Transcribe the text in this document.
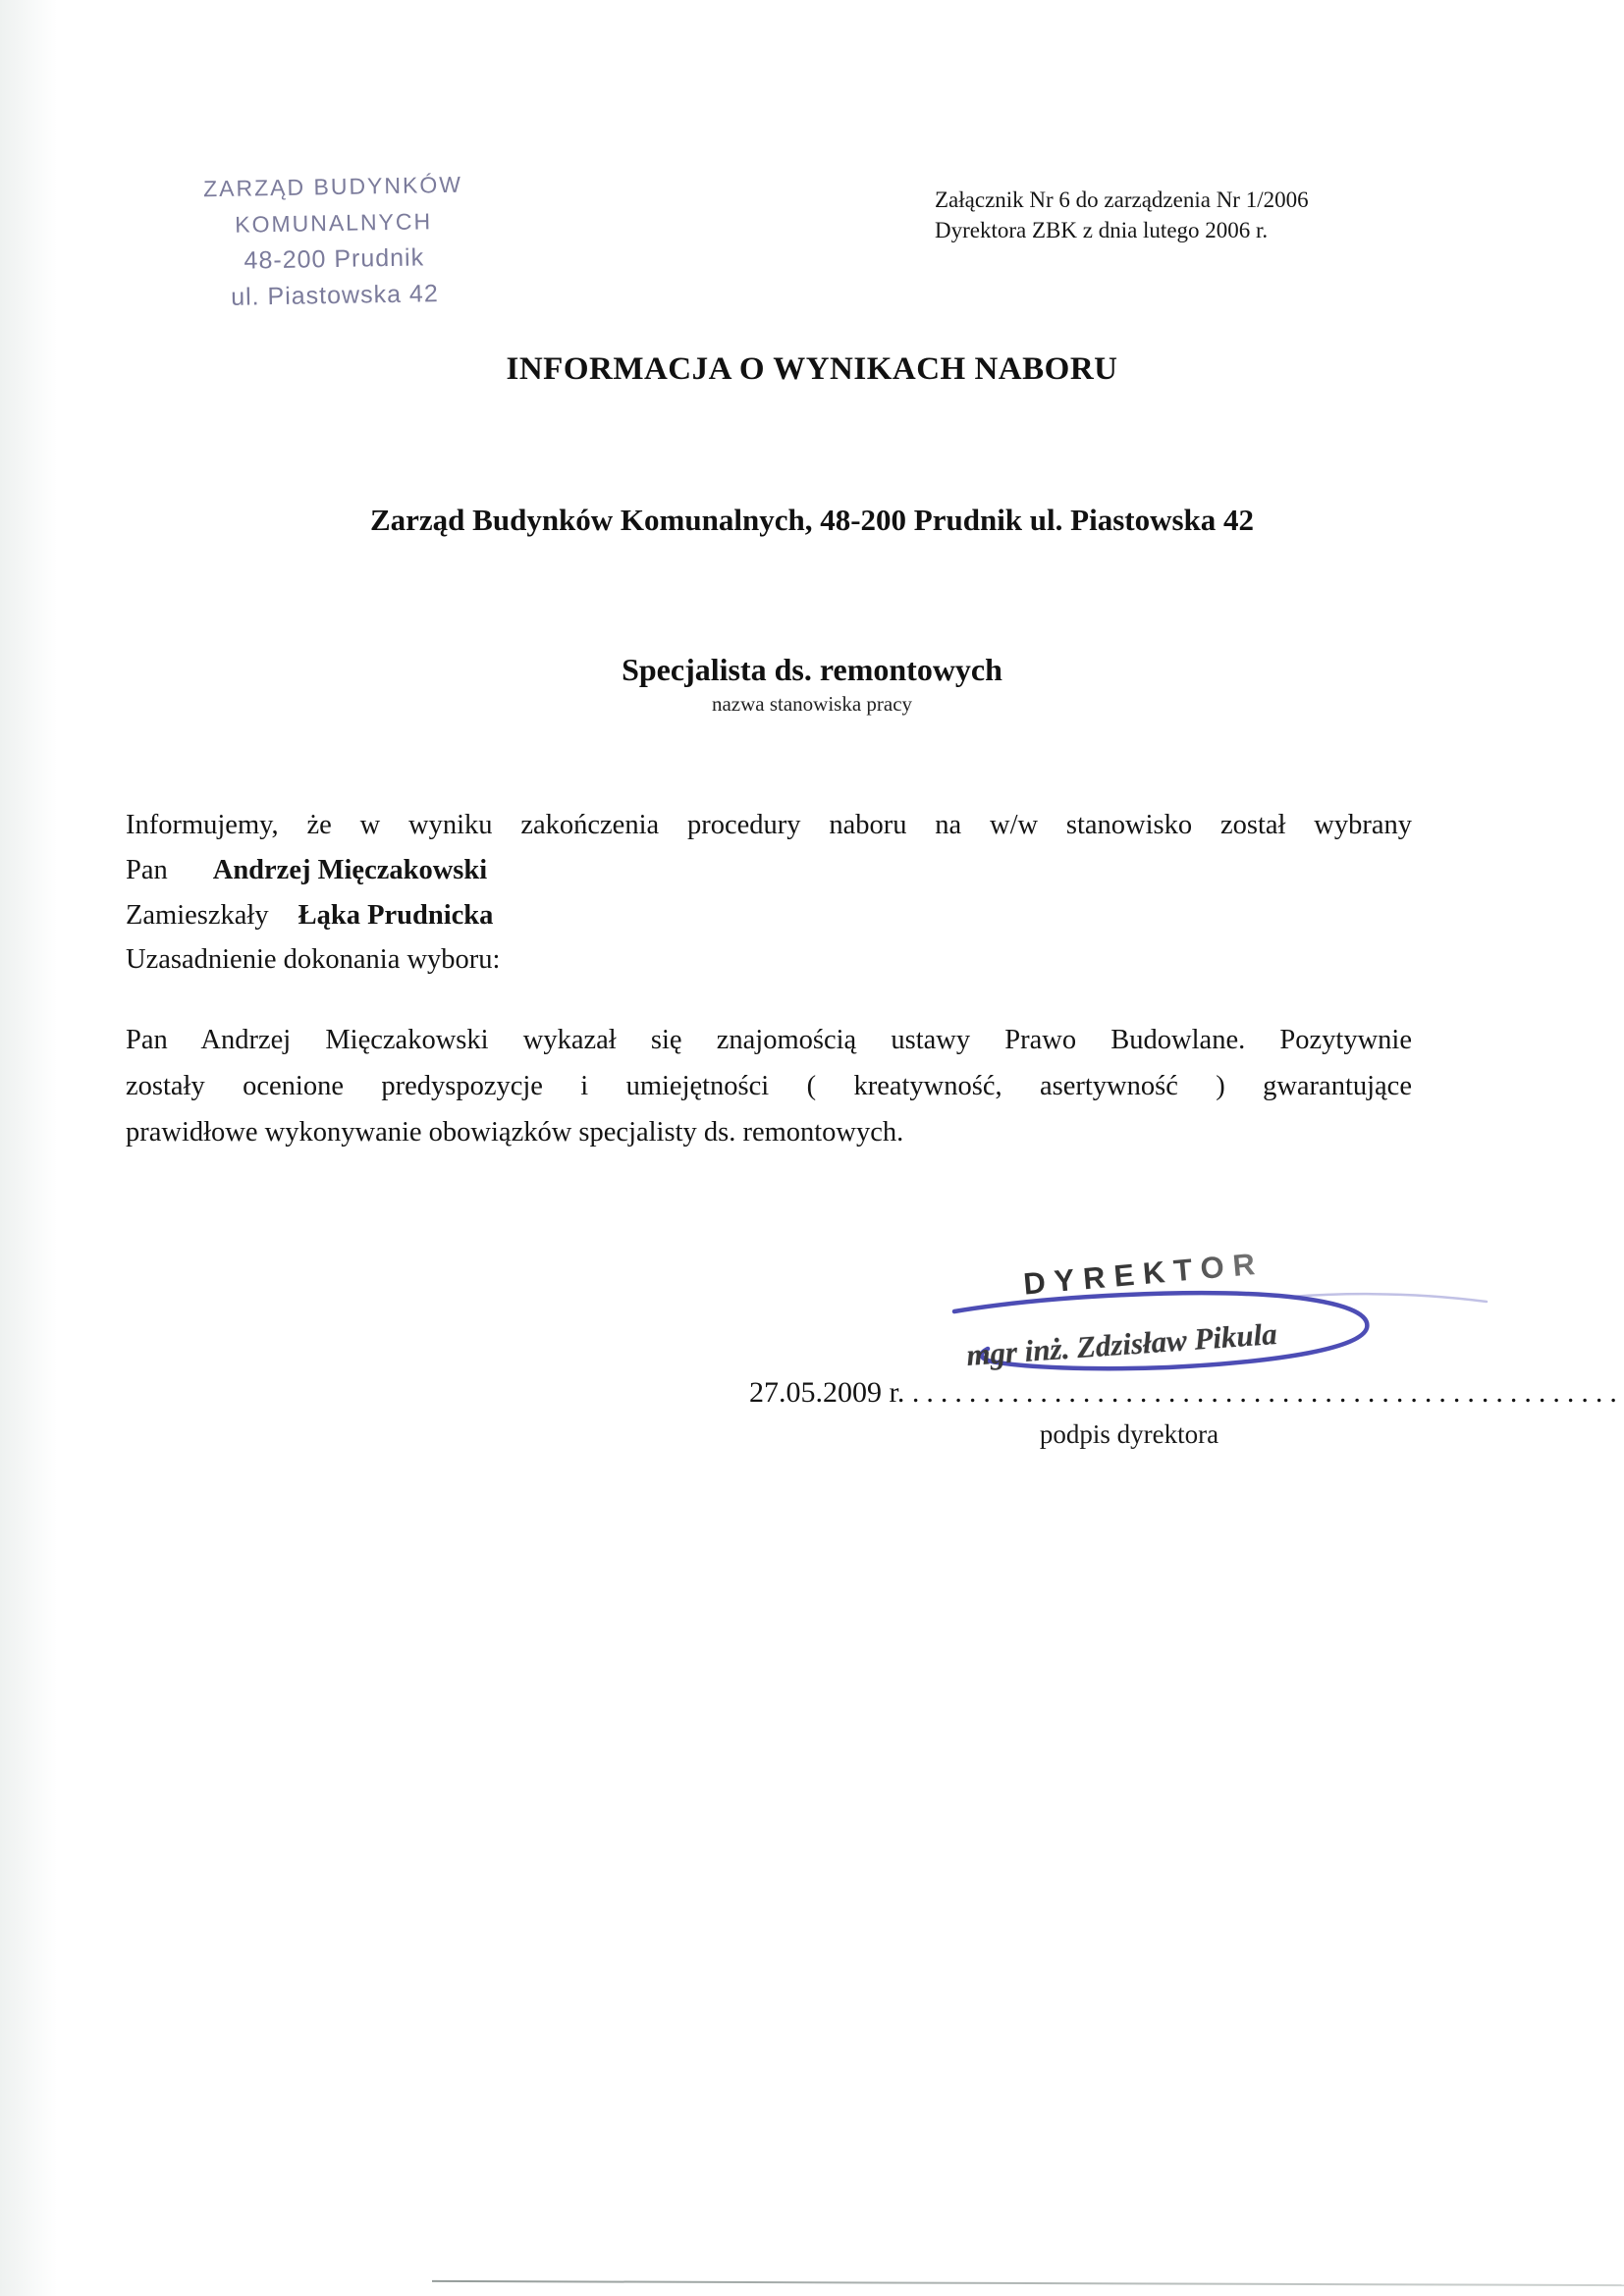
ZARZĄD BUDYNKÓW KOMUNALNYCH
48-200 Prudnik
ul. Piastowska 42
Załącznik Nr 6 do zarządzenia Nr 1/2006
Dyrektora ZBK z dnia lutego 2006 r.
INFORMACJA O WYNIKACH NABORU
Zarząd Budynków Komunalnych, 48-200 Prudnik ul. Piastowska 42
Specjalista ds. remontowych
nazwa stanowiska pracy
Informujemy, że w wyniku zakończenia procedury naboru na w/w stanowisko został wybrany
Pan Andrzej Mięczakowski
Zamieszkały Łąka Prudnicka
Uzasadnienie dokonania wyboru:
Pan Andrzej Mięczakowski wykazał się znajomością ustawy Prawo Budowlane. Pozytywnie
zostały ocenione predyspozycje i umiejętności ( kreatywność, asertywność ) gwarantujące
prawidłowe wykonywanie obowiązków specjalisty ds. remontowych.
DYREKTOR
mgr inż. Zdzisław Pikula
27.05.2009 r. ..................................................
podpis dyrektora
